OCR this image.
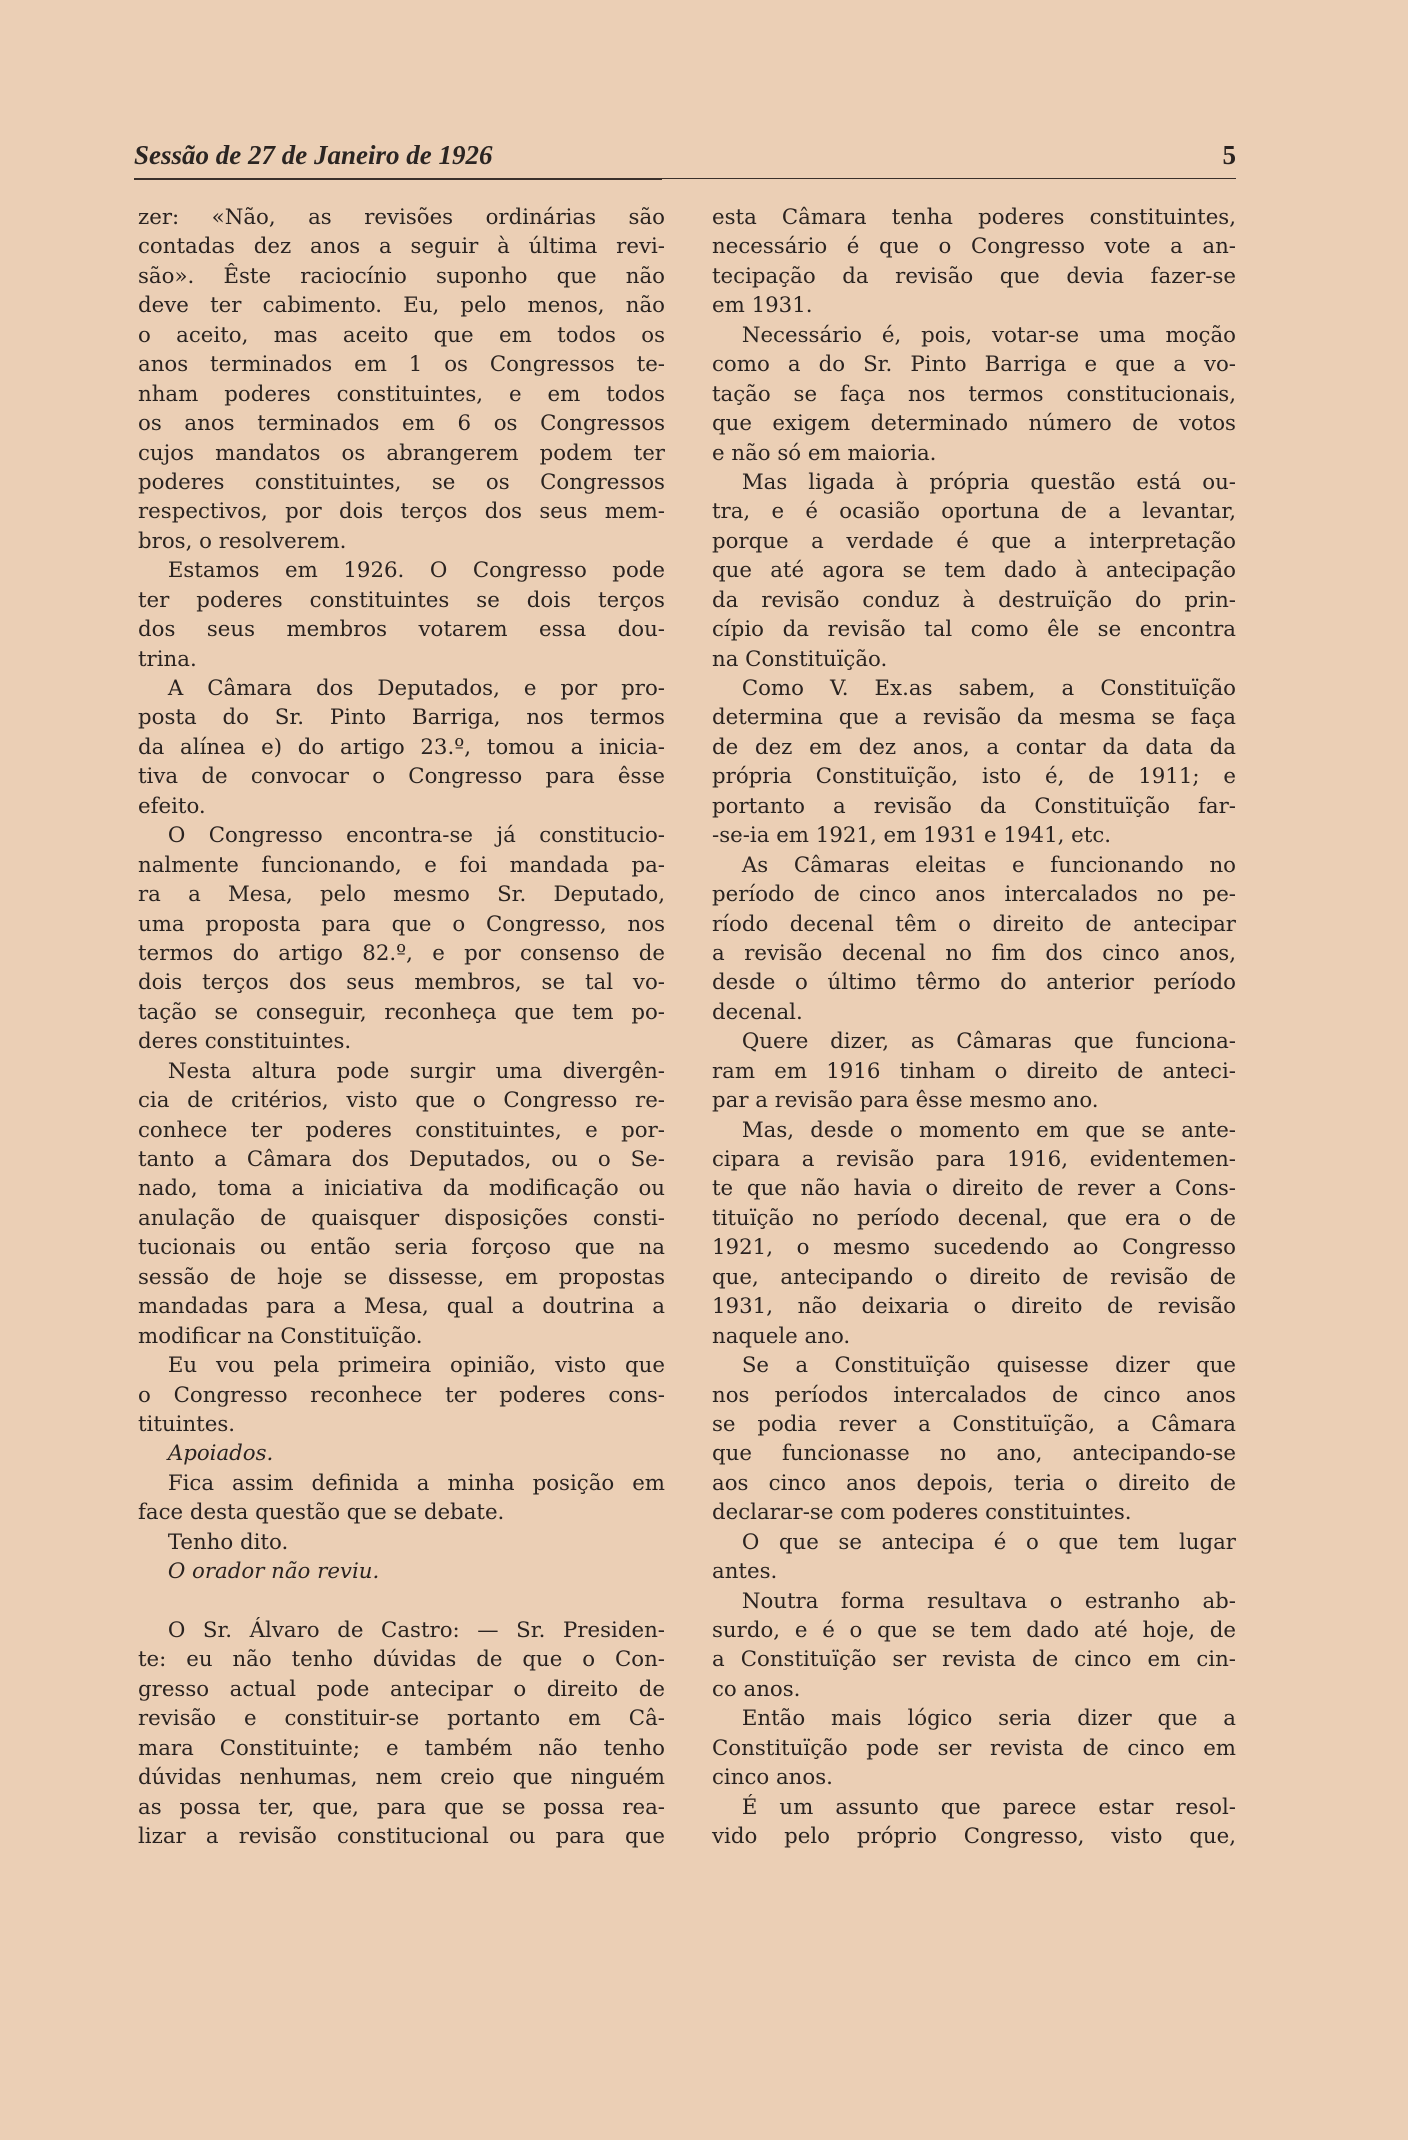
Sessão de 27 de Janeiro de 1926	5
zer: «Não, as revisões ordinárias são
contadas dez anos a seguir à última revi-
são». Êste raciocínio suponho que não
deve ter cabimento. Eu, pelo menos, não
o aceito, mas aceito que em todos os
anos terminados em 1 os Congressos te-
nham poderes constituintes, e em todos
os anos terminados em 6 os Congressos
cujos mandatos os abrangerem podem ter
poderes constituintes, se os Congressos
respectivos, por dois terços dos seus mem-
bros, o resolverem.
Estamos em 1926. O Congresso pode
ter poderes constituintes se dois terços
dos seus membros votarem essa dou-
trina.
A Câmara dos Deputados, e por pro-
posta do Sr. Pinto Barriga, nos termos
da alínea e) do artigo 23.º, tomou a inicia-
tiva de convocar o Congresso para êsse
efeito.
O Congresso encontra-se já constitucio-
nalmente funcionando, e foi mandada pa-
ra a Mesa, pelo mesmo Sr. Deputado,
uma proposta para que o Congresso, nos
termos do artigo 82.º, e por consenso de
dois terços dos seus membros, se tal vo-
tação se conseguir, reconheça que tem po-
deres constituintes.
Nesta altura pode surgir uma divergên-
cia de critérios, visto que o Congresso re-
conhece ter poderes constituintes, e por-
tanto a Câmara dos Deputados, ou o Se-
nado, toma a iniciativa da modificação ou
anulação de quaisquer disposições consti-
tucionais ou então seria forçoso que na
sessão de hoje se dissesse, em propostas
mandadas para a Mesa, qual a doutrina a
modificar na Constituïção.
Eu vou pela primeira opinião, visto que
o Congresso reconhece ter poderes cons-
tituintes.
Apoiados.
Fica assim definida a minha posição em
face desta questão que se debate.
Tenho dito.
O orador não reviu.
O Sr. Álvaro de Castro: — Sr. Presiden-
te: eu não tenho dúvidas de que o Con-
gresso actual pode antecipar o direito de
revisão e constituir-se portanto em Câ-
mara Constituinte; e também não tenho
dúvidas nenhumas, nem creio que ninguém
as possa ter, que, para que se possa rea-
lizar a revisão constitucional ou para que
esta Câmara tenha poderes constituintes,
necessário é que o Congresso vote a an-
tecipação da revisão que devia fazer-se
em 1931.
Necessário é, pois, votar-se uma moção
como a do Sr. Pinto Barriga e que a vo-
tação se faça nos termos constitucionais,
que exigem determinado número de votos
e não só em maioria.
Mas ligada à própria questão está ou-
tra, e é ocasião oportuna de a levantar,
porque a verdade é que a interpretação
que até agora se tem dado à antecipação
da revisão conduz à destruïção do prin-
cípio da revisão tal como êle se encontra
na Constituïção.
Como V. Ex.as sabem, a Constituïção
determina que a revisão da mesma se faça
de dez em dez anos, a contar da data da
própria Constituïção, isto é, de 1911; e
portanto a revisão da Constituïção far-
-se-ia em 1921, em 1931 e 1941, etc.
As Câmaras eleitas e funcionando no
período de cinco anos intercalados no pe-
ríodo decenal têm o direito de antecipar
a revisão decenal no fim dos cinco anos,
desde o último têrmo do anterior período
decenal.
Quere dizer, as Câmaras que funciona-
ram em 1916 tinham o direito de anteci-
par a revisão para êsse mesmo ano.
Mas, desde o momento em que se ante-
cipara a revisão para 1916, evidentemen-
te que não havia o direito de rever a Cons-
tituïção no período decenal, que era o de
1921, o mesmo sucedendo ao Congresso
que, antecipando o direito de revisão de
1931, não deixaria o direito de revisão
naquele ano.
Se a Constituïção quisesse dizer que
nos períodos intercalados de cinco anos
se podia rever a Constituïção, a Câmara
que funcionasse no ano, antecipando-se
aos cinco anos depois, teria o direito de
declarar-se com poderes constituintes.
O que se antecipa é o que tem lugar
antes.
Noutra forma resultava o estranho ab-
surdo, e é o que se tem dado até hoje, de
a Constituïção ser revista de cinco em cin-
co anos.
Então mais lógico seria dizer que a
Constituïção pode ser revista de cinco em
cinco anos.
É um assunto que parece estar resol-
vido pelo próprio Congresso, visto que,
